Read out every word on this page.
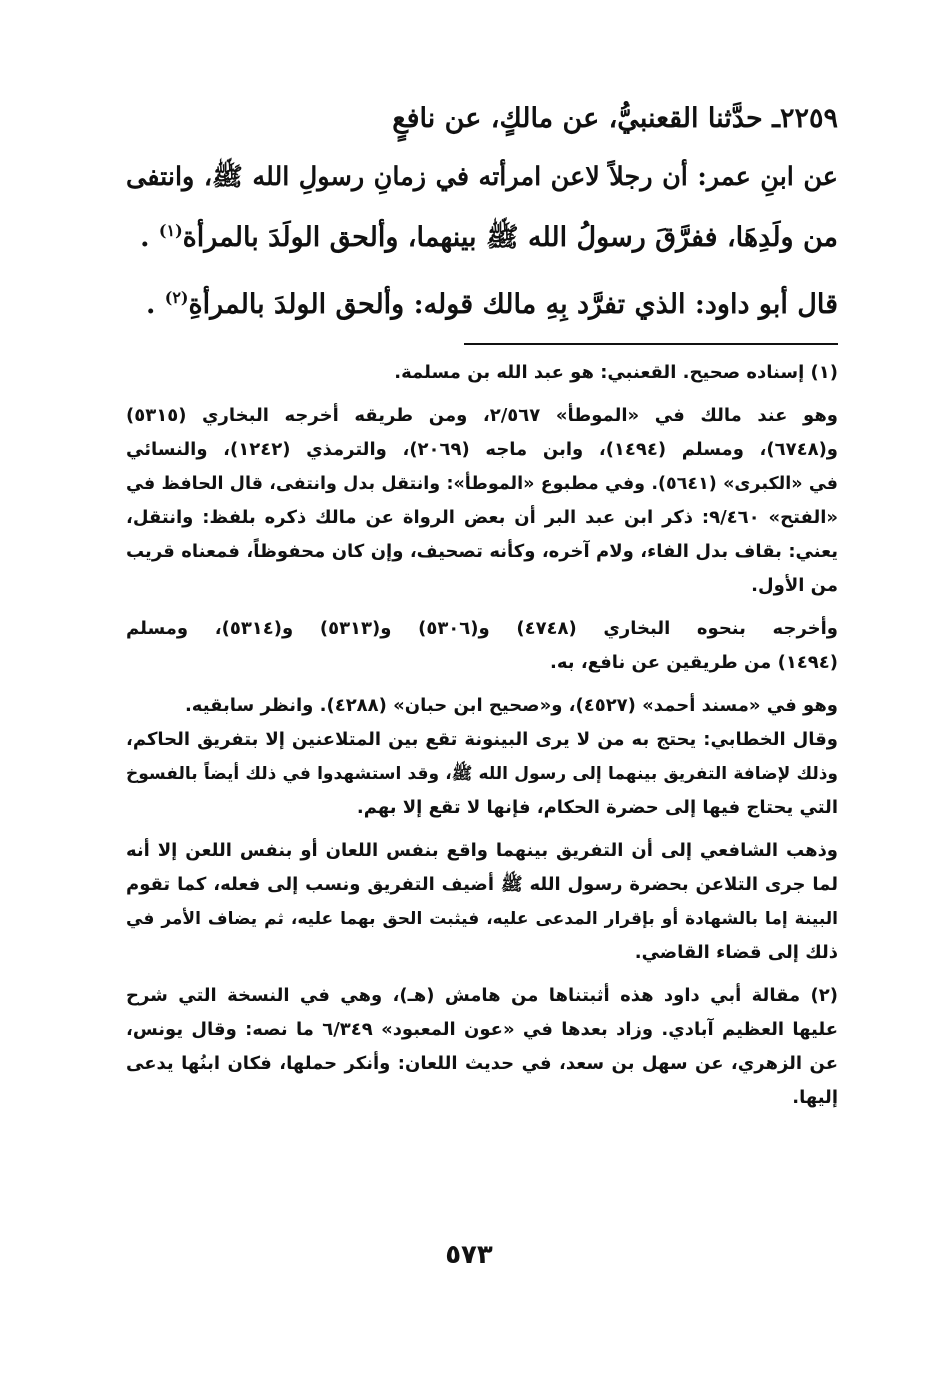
٢٢٥٩ـ حدَّثنا القعنبيُّ، عن مالكٍ، عن نافعٍ
عن ابنِ عمر: أن رجلاً لاعن امرأته في زمانِ رسولِ الله ﷺ، وانتفى
من ولَدِهَا، ففرَّقَ رسولُ الله ﷺ بينهما، وألحق الولَدَ بالمرأة$^{(١)}$ .
قال أبو داود: الذي تفرَّد بِهِ مالك قوله: وألحق الولدَ بالمرأةِ$^{(٢)}$ .
(١) إسناده صحيح. القعنبي: هو عبد الله بن مسلمة.
وهو عند مالك في «الموطأ» ٢/٥٦٧، ومن طريقه أخرجه البخاري (٥٣١٥)
و(٦٧٤٨)، ومسلم (١٤٩٤)، وابن ماجه (٢٠٦٩)، والترمذي (١٢٤٢)، والنسائي
في «الكبرى» (٥٦٤١). وفي مطبوع «الموطأ»: وانتقل بدل وانتفى، قال الحافظ في
«الفتح» ٩/٤٦٠: ذكر ابن عبد البر أن بعض الرواة عن مالك ذكره بلفظ: وانتقل،
يعني: بقاف بدل الفاء، ولام آخره، وكأنه تصحيف، وإن كان محفوظاً، فمعناه قريب
من الأول.
وأخرجه بنحوه البخاري (٤٧٤٨) و(٥٣٠٦) و(٥٣١٣) و(٥٣١٤)، ومسلم
(١٤٩٤) من طريقين عن نافع، به.
وهو في «مسند أحمد» (٤٥٢٧)، و«صحيح ابن حبان» (٤٢٨٨). وانظر سابقيه.
وقال الخطابي: يحتج به من لا يرى البينونة تقع بين المتلاعنين إلا بتفريق الحاكم،
وذلك لإضافة التفريق بينهما إلى رسول الله ﷺ، وقد استشهدوا في ذلك أيضاً بالفسوخ
التي يحتاج فيها إلى حضرة الحكام، فإنها لا تقع إلا بهم.
وذهب الشافعي إلى أن التفريق بينهما واقع بنفس اللعان أو بنفس اللعن إلا أنه
لما جرى التلاعن بحضرة رسول الله ﷺ أضيف التفريق ونسب إلى فعله، كما تقوم
البينة إما بالشهادة أو بإقرار المدعى عليه، فيثبت الحق بهما عليه، ثم يضاف الأمر في
ذلك إلى قضاء القاضي.
(٢) مقالة أبي داود هذه أثبتناها من هامش (هـ)، وهي في النسخة التي شرح
عليها العظيم آبادي. وزاد بعدها في «عون المعبود» ٦/٣٤٩ ما نصه: وقال يونس،
عن الزهري، عن سهل بن سعد، في حديث اللعان: وأنكر حملها، فكان ابنُها يدعى
إليها.
٥٧٣
